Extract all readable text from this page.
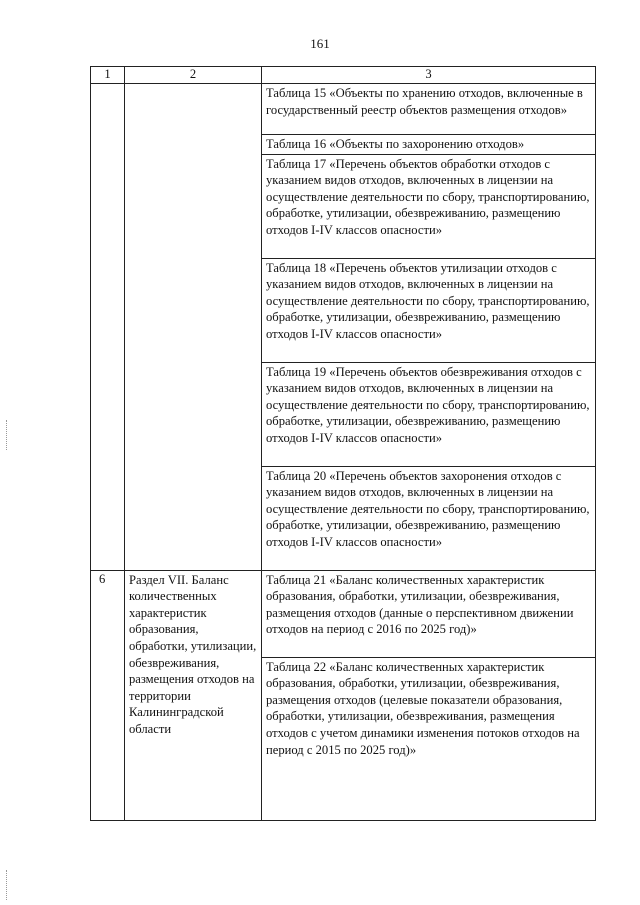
161
1	2	3
		Таблица 15 «Объекты по хранению отходов, включенные в государственный реестр объектов размещения отходов»
		Таблица 16 «Объекты по захоронению отходов»
		Таблица 17 «Перечень объектов обработки отходов с указанием видов отходов, включенных в лицензии на осуществление деятельности по сбору, транспортированию, обработке, утилизации, обезвреживанию, размещению отходов I-IV классов опасности»
		Таблица 18 «Перечень объектов утилизации отходов с указанием видов отходов, включенных в лицензии на осуществление деятельности по сбору, транспортированию, обработке, утилизации, обезвреживанию, размещению отходов I-IV классов опасности»
		Таблица 19 «Перечень объектов обезвреживания отходов с указанием видов отходов, включенных в лицензии на осуществление деятельности по сбору, транспортированию, обработке, утилизации, обезвреживанию, размещению отходов I-IV классов опасности»
		Таблица 20 «Перечень объектов захоронения отходов с указанием видов отходов, включенных в лицензии на осуществление деятельности по сбору, транспортированию, обработке, утилизации, обезвреживанию, размещению отходов I-IV классов опасности»
6	Раздел VII. Баланс количественных характеристик образования, обработки, утилизации, обезвреживания, размещения отходов на территории Калининградской области	Таблица 21 «Баланс количественных характеристик образования, обработки, утилизации, обезвреживания, размещения отходов (данные о перспективном движении отходов на период с 2016 по 2025 год)»
		Таблица 22 «Баланс количественных характеристик образования, обработки, утилизации, обезвреживания, размещения отходов (целевые показатели образования, обработки, утилизации, обезвреживания, размещения отходов с учетом динамики изменения потоков отходов на период с 2015 по 2025 год)»
